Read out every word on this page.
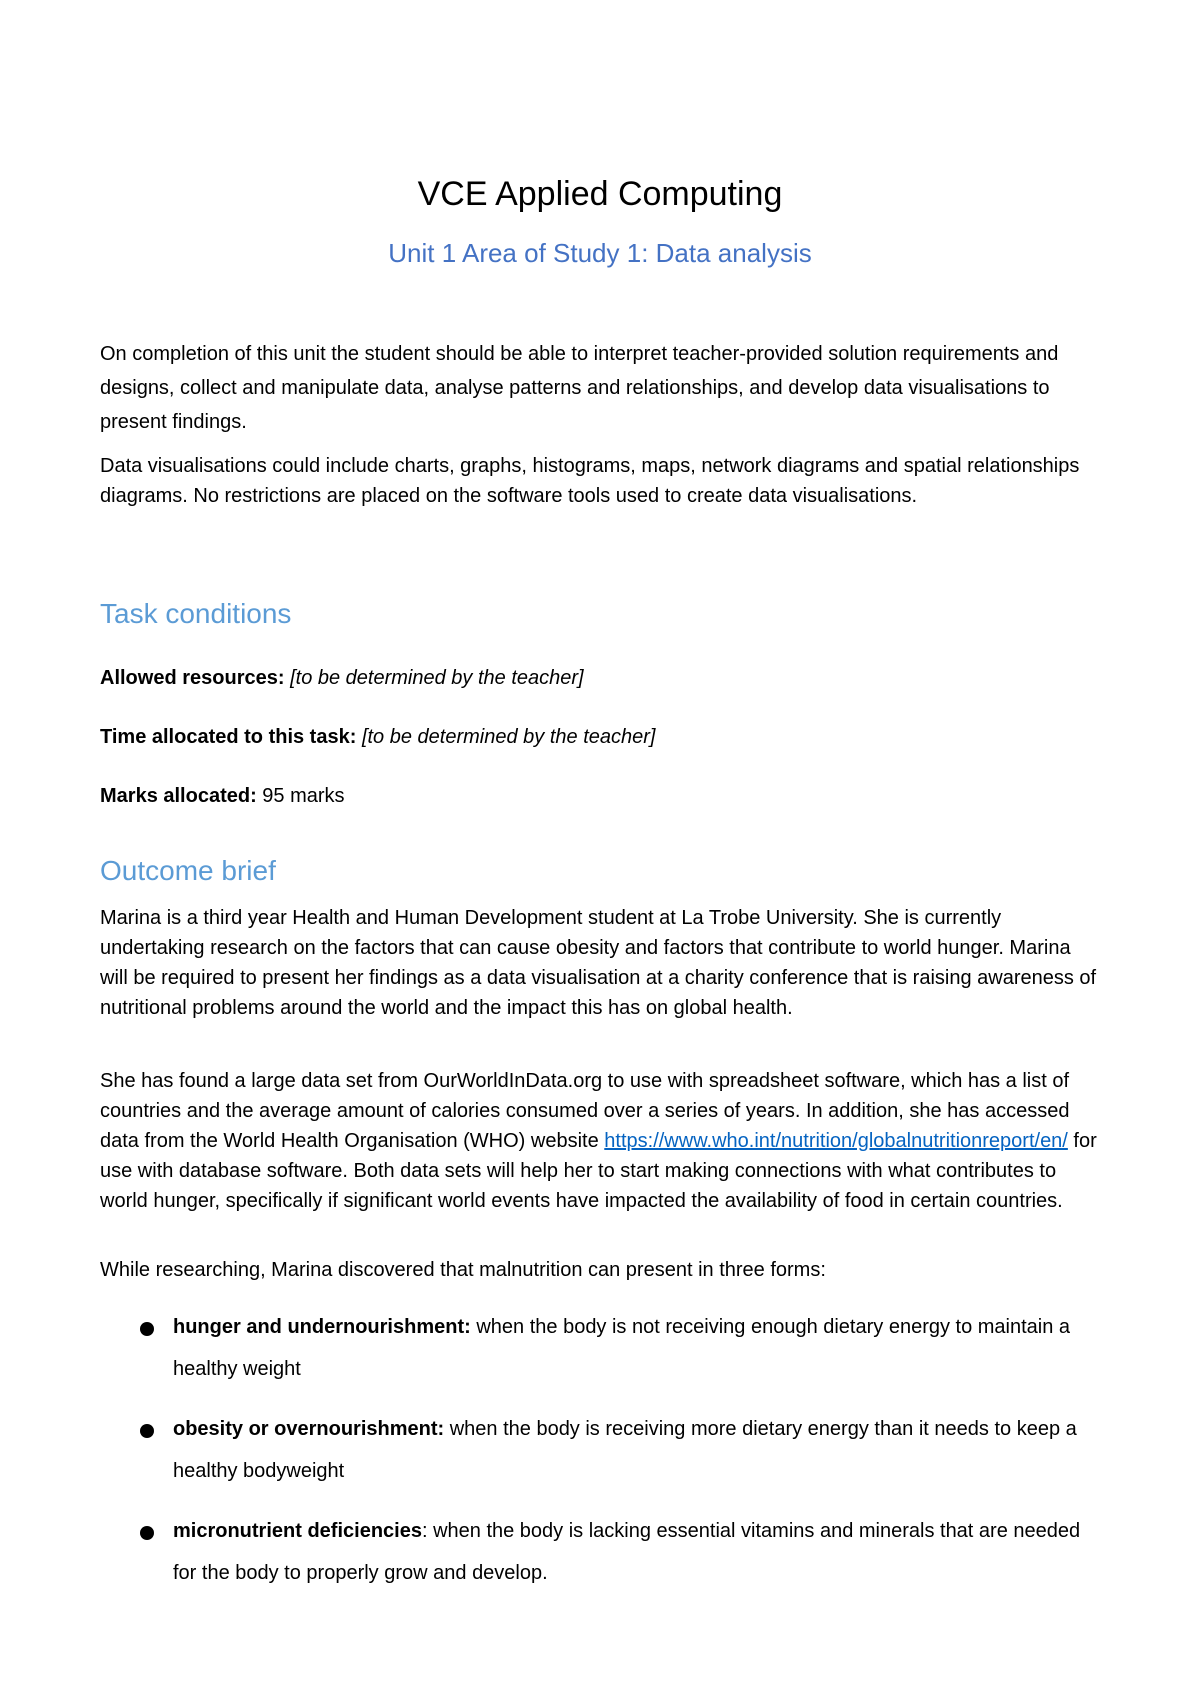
VCE Applied Computing
Unit 1 Area of Study 1: Data analysis

On completion of this unit the student should be able to interpret teacher-provided solution requirements and designs, collect and manipulate data, analyse patterns and relationships, and develop data visualisations to present findings.

Data visualisations could include charts, graphs, histograms, maps, network diagrams and spatial relationships diagrams. No restrictions are placed on the software tools used to create data visualisations.

Task conditions

Allowed resources: [to be determined by the teacher]

Time allocated to this task: [to be determined by the teacher]

Marks allocated: 95 marks

Outcome brief

Marina is a third year Health and Human Development student at La Trobe University. She is currently undertaking research on the factors that can cause obesity and factors that contribute to world hunger. Marina will be required to present her findings as a data visualisation at a charity conference that is raising awareness of nutritional problems around the world and the impact this has on global health.

She has found a large data set from OurWorldInData.org to use with spreadsheet software, which has a list of countries and the average amount of calories consumed over a series of years. In addition, she has accessed data from the World Health Organisation (WHO) website https://www.who.int/nutrition/globalnutritionreport/en/ for use with database software. Both data sets will help her to start making connections with what contributes to world hunger, specifically if significant world events have impacted the availability of food in certain countries.

While researching, Marina discovered that malnutrition can present in three forms:

hunger and undernourishment: when the body is not receiving enough dietary energy to maintain a healthy weight
obesity or overnourishment: when the body is receiving more dietary energy than it needs to keep a healthy bodyweight
micronutrient deficiencies: when the body is lacking essential vitamins and minerals that are needed for the body to properly grow and develop.
